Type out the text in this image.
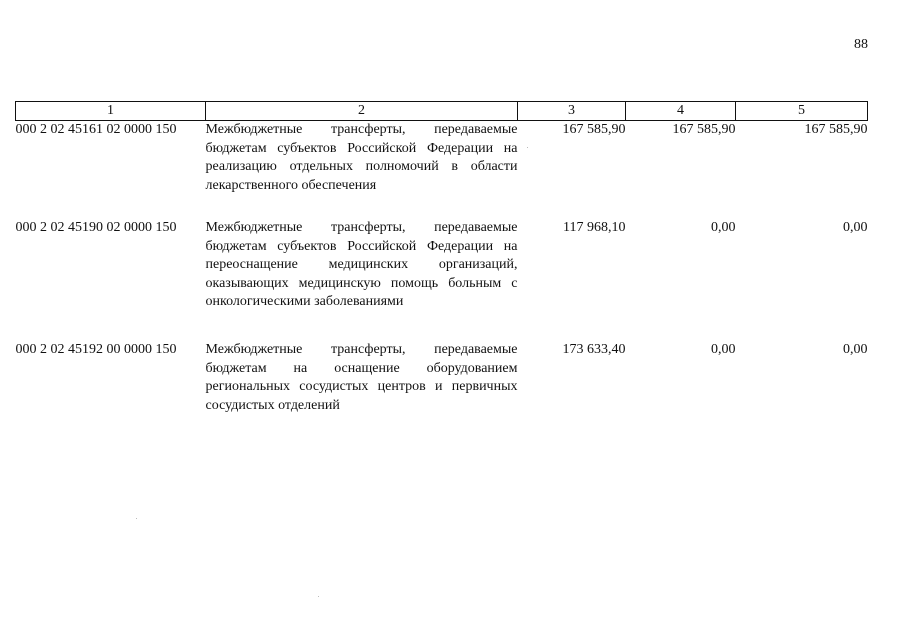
88
1	2	3	4	5
000 2 02 45161 02 0000 150	Межбюджетные трансферты, передаваемые бюджетам субъектов Российской Федерации на реализацию отдельных полномочий в области лекарственного обеспечения	167 585,90	167 585,90	167 585,90
000 2 02 45190 02 0000 150	Межбюджетные трансферты, передаваемые бюджетам субъектов Российской Федерации на переоснащение медицинских организаций, оказывающих медицинскую помощь больным с онкологическими заболеваниями	117 968,10	0,00	0,00
000 2 02 45192 00 0000 150	Межбюджетные трансферты, передаваемые бюджетам на оснащение оборудованием региональных сосудистых центров и первичных сосудистых отделений	173 633,40	0,00	0,00
